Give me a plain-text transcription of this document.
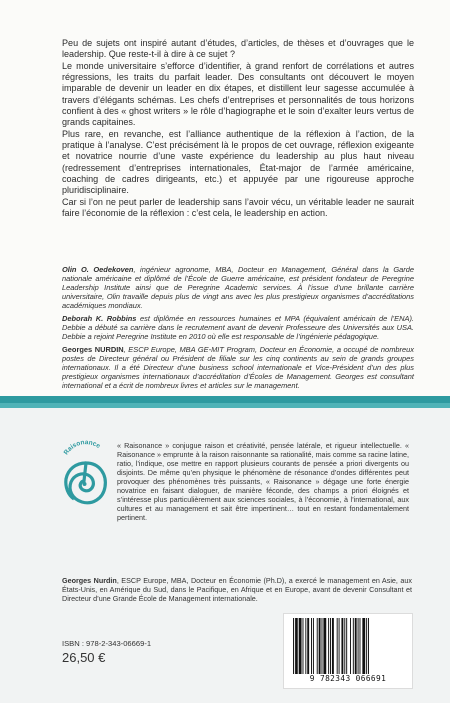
Peu de sujets ont inspiré autant d’études, d’articles, de thèses et d’ouvrages que le leadership. Que reste-t-il à dire à ce sujet ?

Le monde universitaire s’efforce d’identifier, à grand renfort de corrélations et autres régressions, les traits du parfait leader. Des consultants ont découvert le moyen imparable de devenir un leader en dix étapes, et distillent leur sagesse accumulée à travers d’élégants schémas. Les chefs d’entreprises et personnalités de tous horizons confient à des « ghost writers » le rôle d’hagiographe et le soin d’exalter leurs vertus de grands capitaines.

Plus rare, en revanche, est l’alliance authentique de la réflexion à l’action, de la pratique à l’analyse. C’est précisément là le propos de cet ouvrage, réflexion exigeante et novatrice nourrie d’une vaste expérience du leadership au plus haut niveau (redressement d’entreprises internationales, État-major de l’armée américaine, coaching de cadres dirigeants, etc.) et appuyée par une rigoureuse approche pluridisciplinaire.

Car si l’on ne peut parler de leadership sans l’avoir vécu, un véritable leader ne saurait faire l’économie de la réflexion : c’est cela, le leadership en action.

Olin O. Oedekoven, ingénieur agronome, MBA, Docteur en Management, Général dans la Garde nationale américaine et diplômé de l’École de Guerre américaine, est président fondateur de Peregrine Leadership Institute ainsi que de Peregrine Academic services. À l’issue d’une brillante carrière universitaire, Olin travaille depuis plus de vingt ans avec les plus prestigieux organismes d’accréditations académiques mondiaux.

Deborah K. Robbins est diplômée en ressources humaines et MPA (équivalent américain de l’ENA). Debbie a débuté sa carrière dans le recrutement avant de devenir Professeure des Universités aux USA. Debbie a rejoint Peregrine Institute en 2010 où elle est responsable de l’ingénierie pédagogique.

Georges NURDIN, ESCP Europe, MBA GE-MIT Program, Docteur en Économie, a occupé de nombreux postes de Directeur général ou Président de filiale sur les cinq continents au sein de grands groupes internationaux. Il a été Directeur d’une business school internationale et Vice-Président d’un des plus prestigieux organismes internationaux d’accréditation d’Écoles de Management. Georges est consultant international et a écrit de nombreux livres et articles sur le management.

Raisonance « Raisonance » conjugue raison et créativité, pensée latérale, et rigueur intellectuelle. « Raisonance » emprunte à la raison raisonnante sa rationalité, mais comme sa racine latine, ratio, l’indique, ose mettre en rapport plusieurs courants de pensée a priori divergents ou disjoints. De même qu’en physique le phénomène de résonance d’ondes différentes peut provoquer des phénomènes très puissants, « Raisonance » dégage une forte énergie novatrice en faisant dialoguer, de manière féconde, des champs a priori éloignés et s’intéresse plus particulièrement aux sciences sociales, à l’économie, à l’international, aux cultures et au management et sait être impertinent… tout en restant fondamentalement pertinent.

Georges Nurdin, ESCP Europe, MBA, Docteur en Économie (Ph.D), a exercé le management en Asie, aux États-Unis, en Amérique du Sud, dans le Pacifique, en Afrique et en Europe, avant de devenir Consultant et Directeur d’une Grande École de Management internationale.
ISBN : 978-2-343-06669-1
26,50 €
9 782343 066691
